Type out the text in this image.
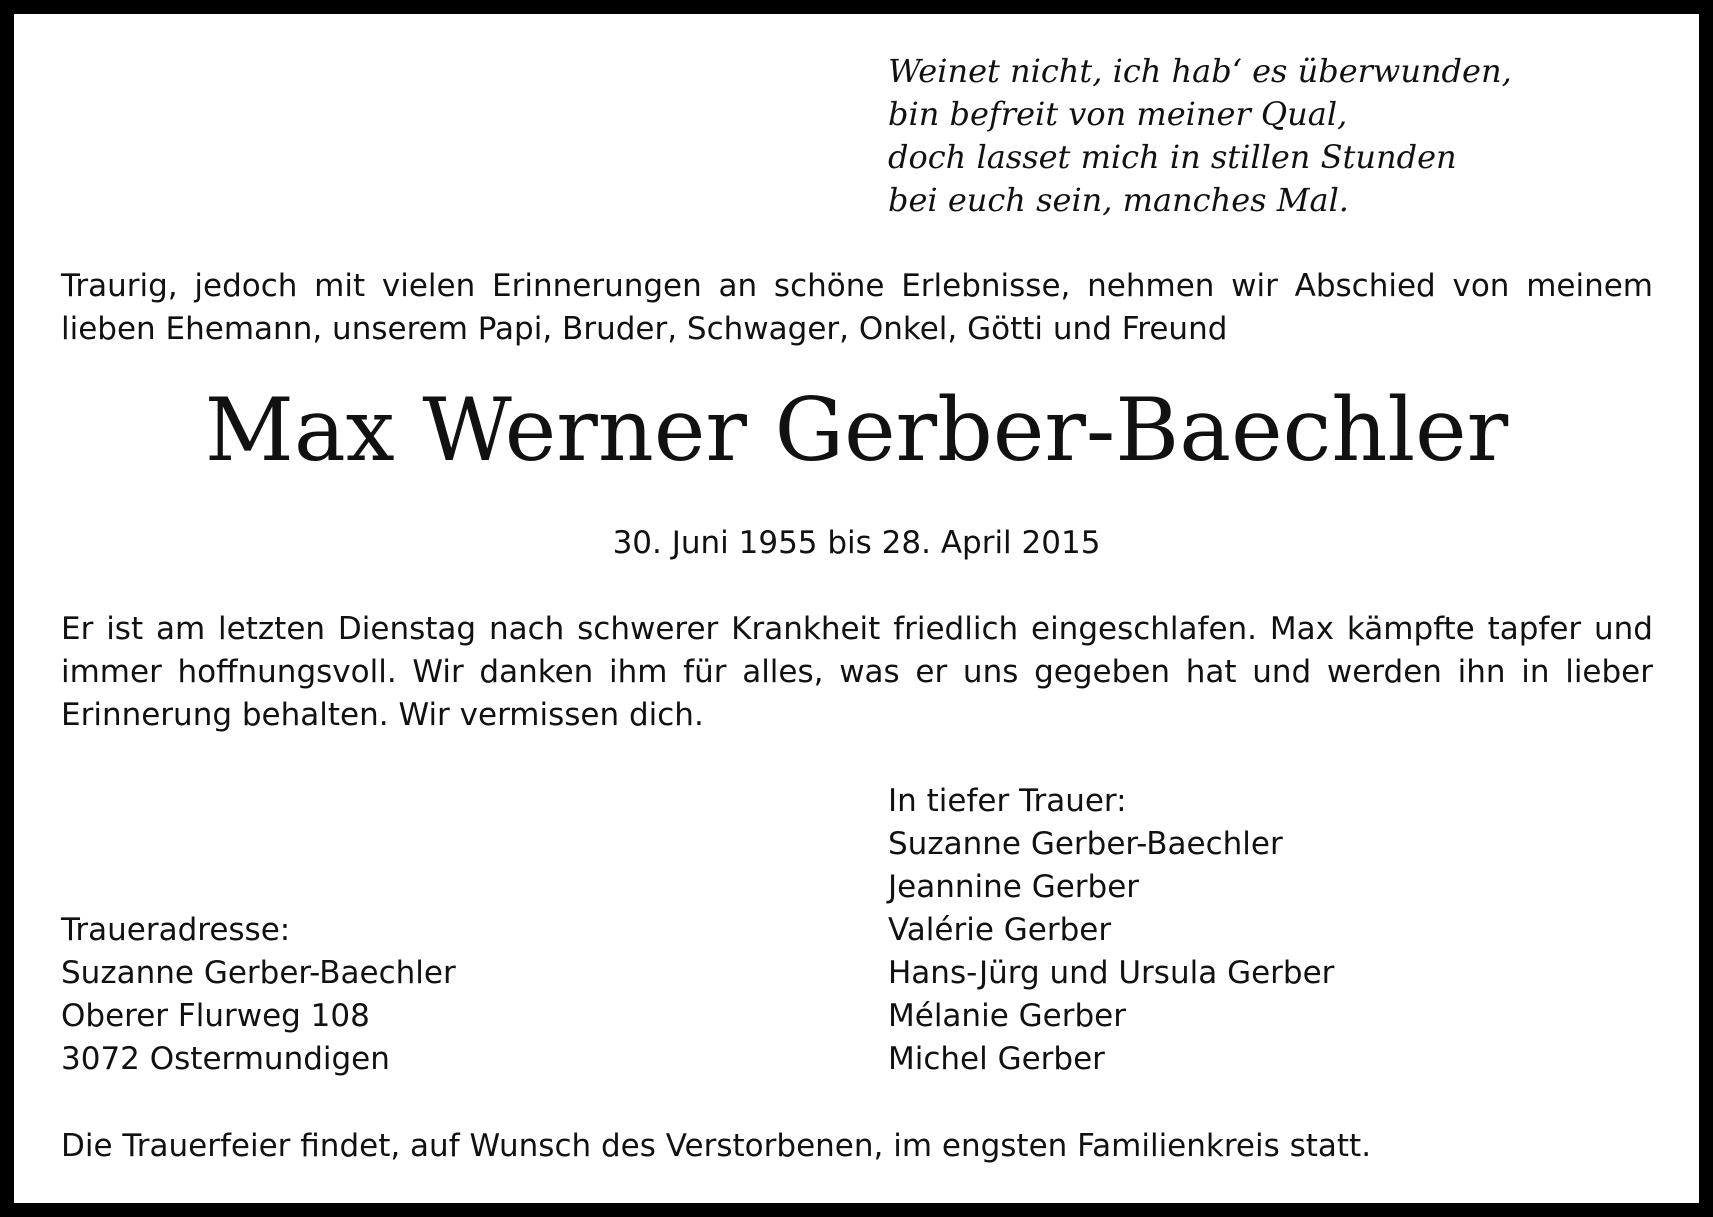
Weinet nicht, ich hab‘ es überwunden,
bin befreit von meiner Qual,
doch lasset mich in stillen Stunden
bei euch sein, manches Mal.
Traurig, jedoch mit vielen Erinnerungen an schöne Erlebnisse, nehmen wir Abschied von meinem lieben Ehemann, unserem Papi, Bruder, Schwager, Onkel, Götti und Freund
Max Werner Gerber-Baechler
30. Juni 1955 bis 28. April 2015
Er ist am letzten Dienstag nach schwerer Krankheit friedlich eingeschlafen. Max kämpfte tapfer und immer hoffnungsvoll. Wir danken ihm für alles, was er uns gegeben hat und werden ihn in lieber Erinnerung behalten. Wir vermissen dich.
In tiefer Trauer:
Suzanne Gerber-Baechler
Jeannine Gerber
Valérie Gerber
Hans-Jürg und Ursula Gerber
Mélanie Gerber
Michel Gerber
Traueradresse:
Suzanne Gerber-Baechler
Oberer Flurweg 108
3072 Ostermundigen
Die Trauerfeier findet, auf Wunsch des Verstorbenen, im engsten Familienkreis statt.
